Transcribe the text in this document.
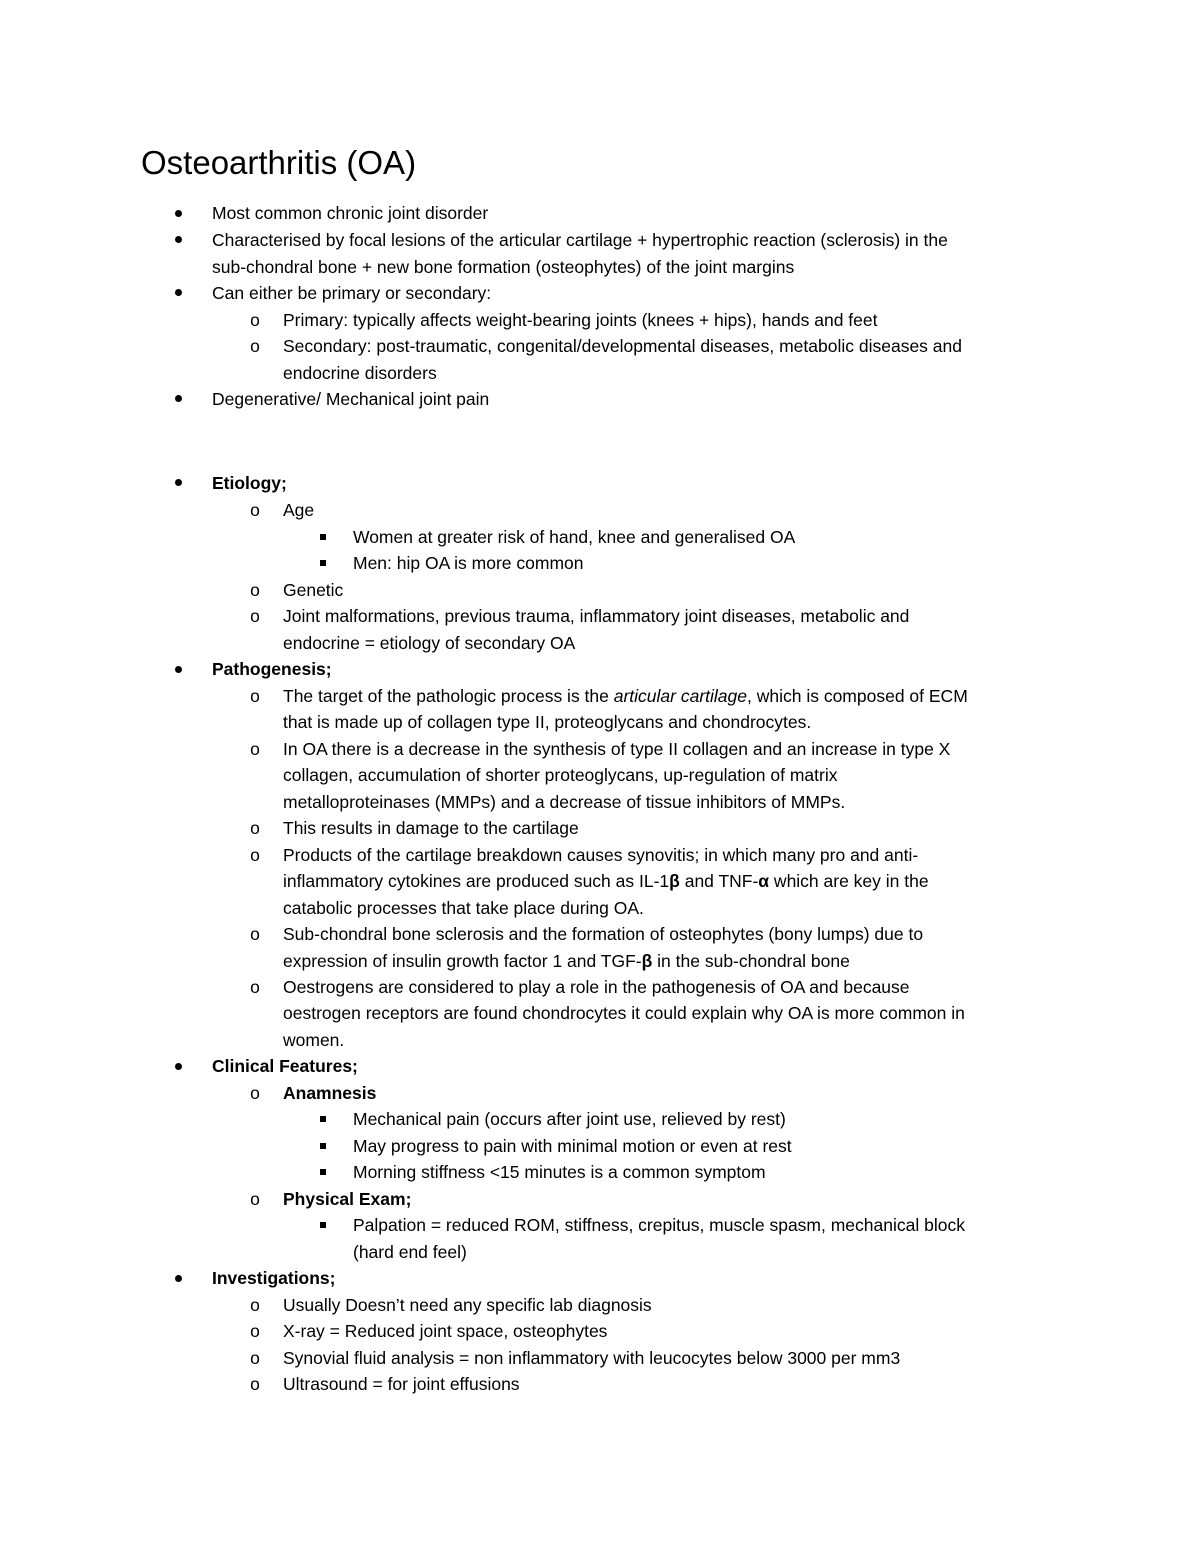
Osteoarthritis (OA)
Most common chronic joint disorder
Characterised by focal lesions of the articular cartilage + hypertrophic reaction (sclerosis) in the
sub-chondral bone + new bone formation (osteophytes) of the joint margins
Can either be primary or secondary:
o Primary: typically affects weight-bearing joints (knees + hips), hands and feet
o Secondary: post-traumatic, congenital/developmental diseases, metabolic diseases and
endocrine disorders
Degenerative/ Mechanical joint pain
Etiology;
o Age
Women at greater risk of hand, knee and generalised OA
Men: hip OA is more common
o Genetic
o Joint malformations, previous trauma, inflammatory joint diseases, metabolic and
endocrine = etiology of secondary OA
Pathogenesis;
o The target of the pathologic process is the articular cartilage, which is composed of ECM
that is made up of collagen type II, proteoglycans and chondrocytes.
o In OA there is a decrease in the synthesis of type II collagen and an increase in type X
collagen, accumulation of shorter proteoglycans, up-regulation of matrix
metalloproteinases (MMPs) and a decrease of tissue inhibitors of MMPs.
o This results in damage to the cartilage
o Products of the cartilage breakdown causes synovitis; in which many pro and anti-
inflammatory cytokines are produced such as IL-1β and TNF-α which are key in the
catabolic processes that take place during OA.
o Sub-chondral bone sclerosis and the formation of osteophytes (bony lumps) due to
expression of insulin growth factor 1 and TGF-β in the sub-chondral bone
o Oestrogens are considered to play a role in the pathogenesis of OA and because
oestrogen receptors are found chondrocytes it could explain why OA is more common in
women.
Clinical Features;
o Anamnesis
Mechanical pain (occurs after joint use, relieved by rest)
May progress to pain with minimal motion or even at rest
Morning stiffness <15 minutes is a common symptom
o Physical Exam;
Palpation = reduced ROM, stiffness, crepitus, muscle spasm, mechanical block
(hard end feel)
Investigations;
o Usually Doesn’t need any specific lab diagnosis
o X-ray = Reduced joint space, osteophytes
o Synovial fluid analysis = non inflammatory with leucocytes below 3000 per mm3
o Ultrasound = for joint effusions
